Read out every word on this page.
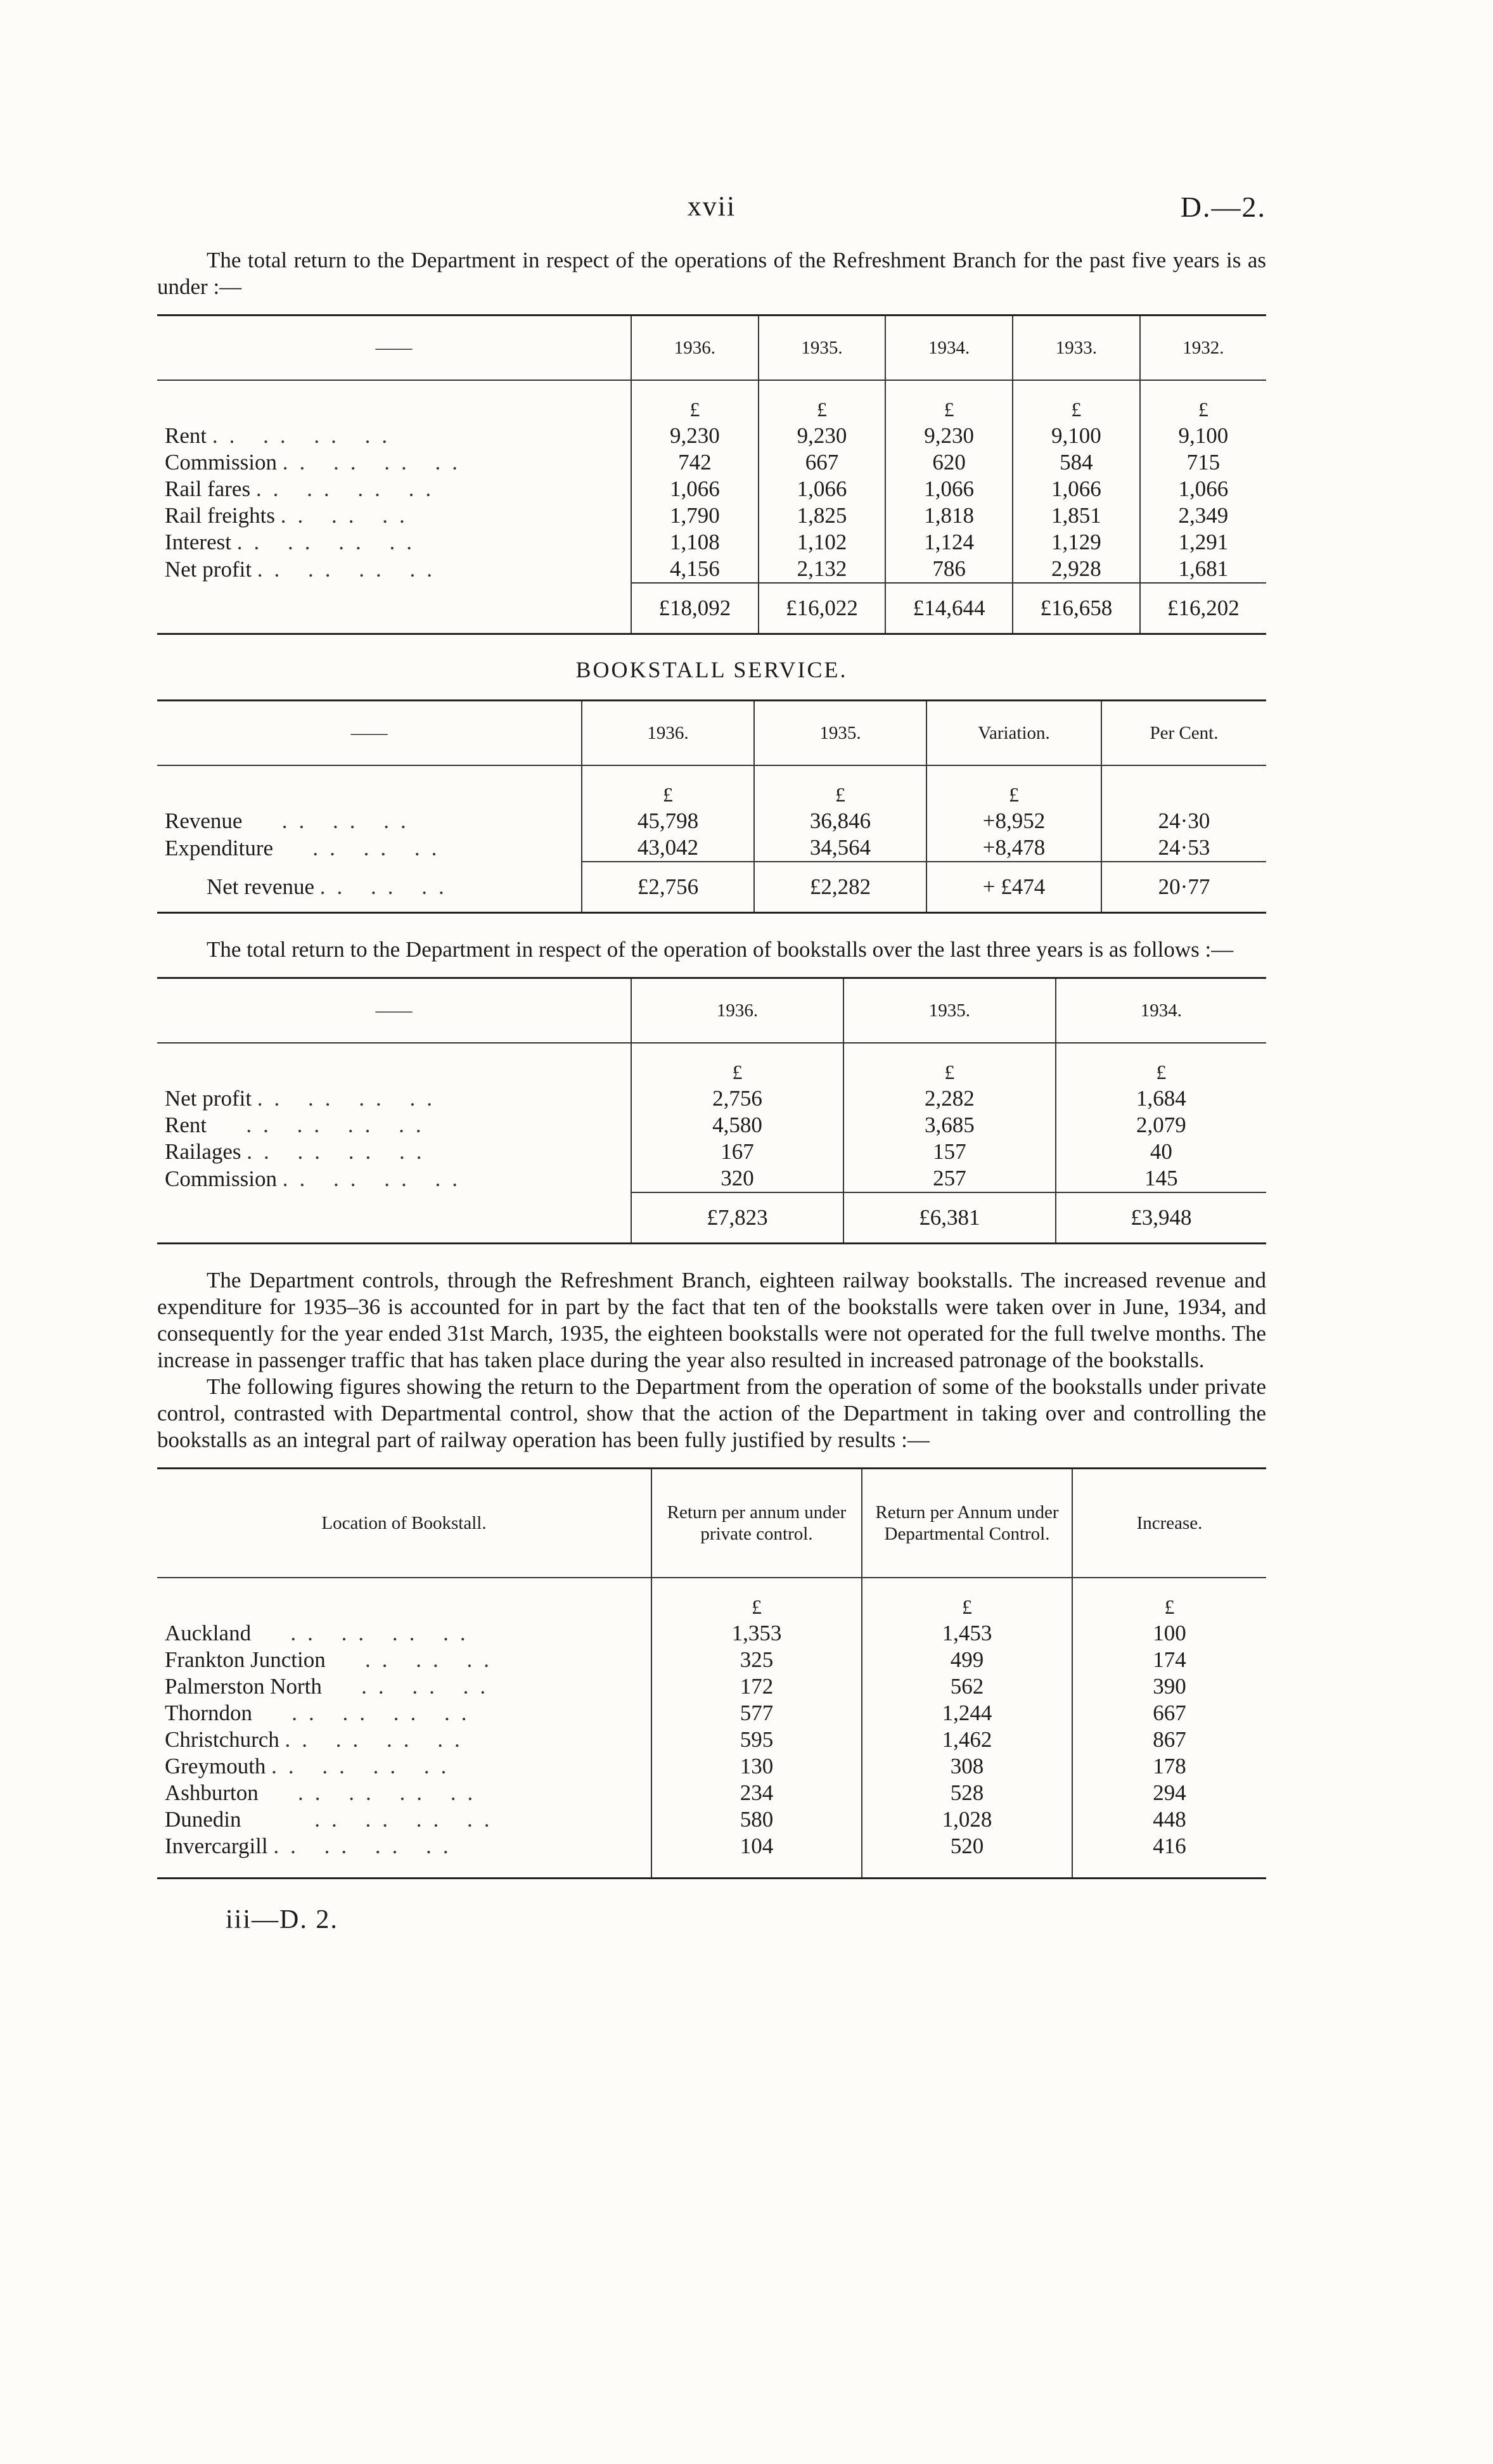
xvii	D.—2.

The total return to the Department in respect of the operations of the Refreshment Branch for the past five years is as under :—

——	1936.	1935.	1934.	1933.	1932.
	£	£	£	£	£
Rent .. .. .. ..	9,230	9,230	9,230	9,100	9,100
Commission .. .. .. ..	742	667	620	584	715
Rail fares .. .. .. ..	1,066	1,066	1,066	1,066	1,066
Rail freights .. .. ..	1,790	1,825	1,818	1,851	2,349
Interest .. .. .. ..	1,108	1,102	1,124	1,129	1,291
Net profit .. .. .. ..	4,156	2,132	786	2,928	1,681
	£18,092	£16,022	£14,644	£16,658	£16,202
BOOKSTALL SERVICE.
——	1936.	1935.	Variation.	Per Cent.
	£	£	£	
Revenue   .. .. ..	45,798	36,846	+8,952	24·30
Expenditure   .. .. ..	43,042	34,564	+8,478	24·53
Net revenue .. .. ..	£2,756	£2,282	+ £474	20·77

The total return to the Department in respect of the operation of bookstalls over the last three years is as follows :—

——	1936.	1935.	1934.
	£	£	£
Net profit .. .. .. ..	2,756	2,282	1,684
Rent   .. .. .. ..	4,580	3,685	2,079
Railages .. .. .. ..	167	157	40
Commission .. .. .. ..	320	257	145
	£7,823	£6,381	£3,948

The Department controls, through the Refreshment Branch, eighteen railway bookstalls. The increased revenue and expenditure for 1935–36 is accounted for in part by the fact that ten of the bookstalls were taken over in June, 1934, and consequently for the year ended 31st March, 1935, the eighteen bookstalls were not operated for the full twelve months. The increase in passenger traffic that has taken place during the year also resulted in increased patronage of the bookstalls.

The following figures showing the return to the Department from the operation of some of the bookstalls under private control, contrasted with Departmental control, show that the action of the Department in taking over and controlling the bookstalls as an integral part of railway operation has been fully justified by results :—

Location of Bookstall.	Return per annum under private control.	Return per Annum under Departmental Control.	Increase.
	£	£	£
Auckland   .. .. .. ..	1,353	1,453	100
Frankton Junction   .. .. ..	325	499	174
Palmerston North   .. .. ..	172	562	390
Thorndon   .. .. .. ..	577	1,244	667
Christchurch .. .. .. ..	595	1,462	867
Greymouth .. .. .. ..	130	308	178
Ashburton   .. .. .. ..	234	528	294
Dunedin     .. .. .. ..	580	1,028	448
Invercargill .. .. .. ..	104	520	416

iii—D. 2.
